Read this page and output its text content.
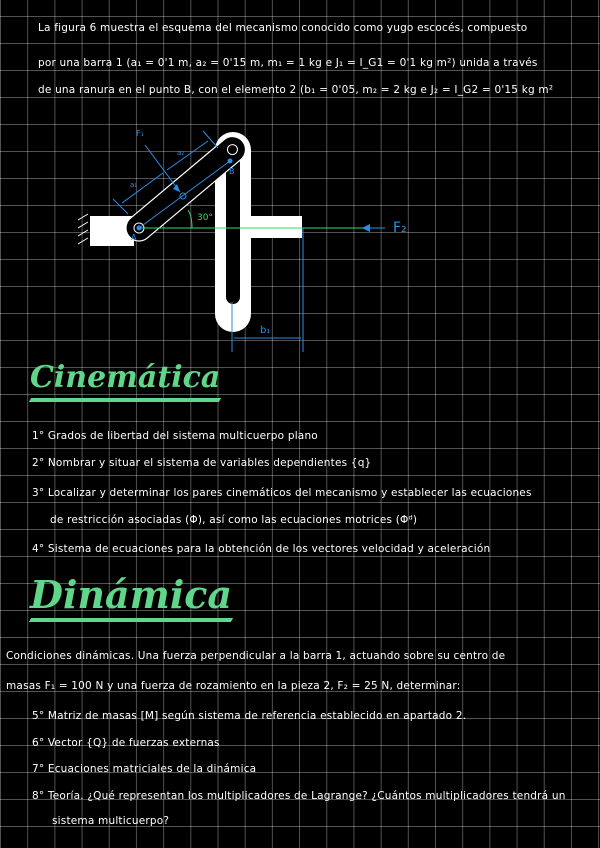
La figura 6 muestra el esquema del mecanismo conocido como yugo escocés, compuesto
por una barra 1 (a₁ = 0'1 m, a₂ = 0'15 m, m₁ = 1 kg e J₁ = I_G1 = 0'1 kg m²) unida a través
de una ranura en el punto B, con el elemento 2 (b₁ = 0'05, m₂ = 2 kg e J₂ = I_G2 = 0'15 kg m²
30°
A
B
a₁
a₂
F₁
F₂
b₁
Cinemática
1° Grados de libertad del sistema multicuerpo plano
2° Nombrar y situar el sistema de variables dependientes {q}
3° Localizar y determinar los pares cinemáticos del mecanismo y establecer las ecuaciones
de restricción asociadas (Φ), así como las ecuaciones motrices (Φᵈ)
4° Sistema de ecuaciones para la obtención de los vectores velocidad y aceleración
Dinámica
Condiciones dinámicas. Una fuerza perpendicular a la barra 1, actuando sobre su centro de
masas F₁ = 100 N y una fuerza de rozamiento en la pieza 2, F₂ = 25 N, determinar:
5° Matriz de masas [M] según sistema de referencia establecido en apartado 2.
6° Vector {Q} de fuerzas externas
7° Ecuaciones matriciales de la dinámica
8° Teoría. ¿Qué representan los multiplicadores de Lagrange? ¿Cuántos multiplicadores tendrá un
sistema multicuerpo?
